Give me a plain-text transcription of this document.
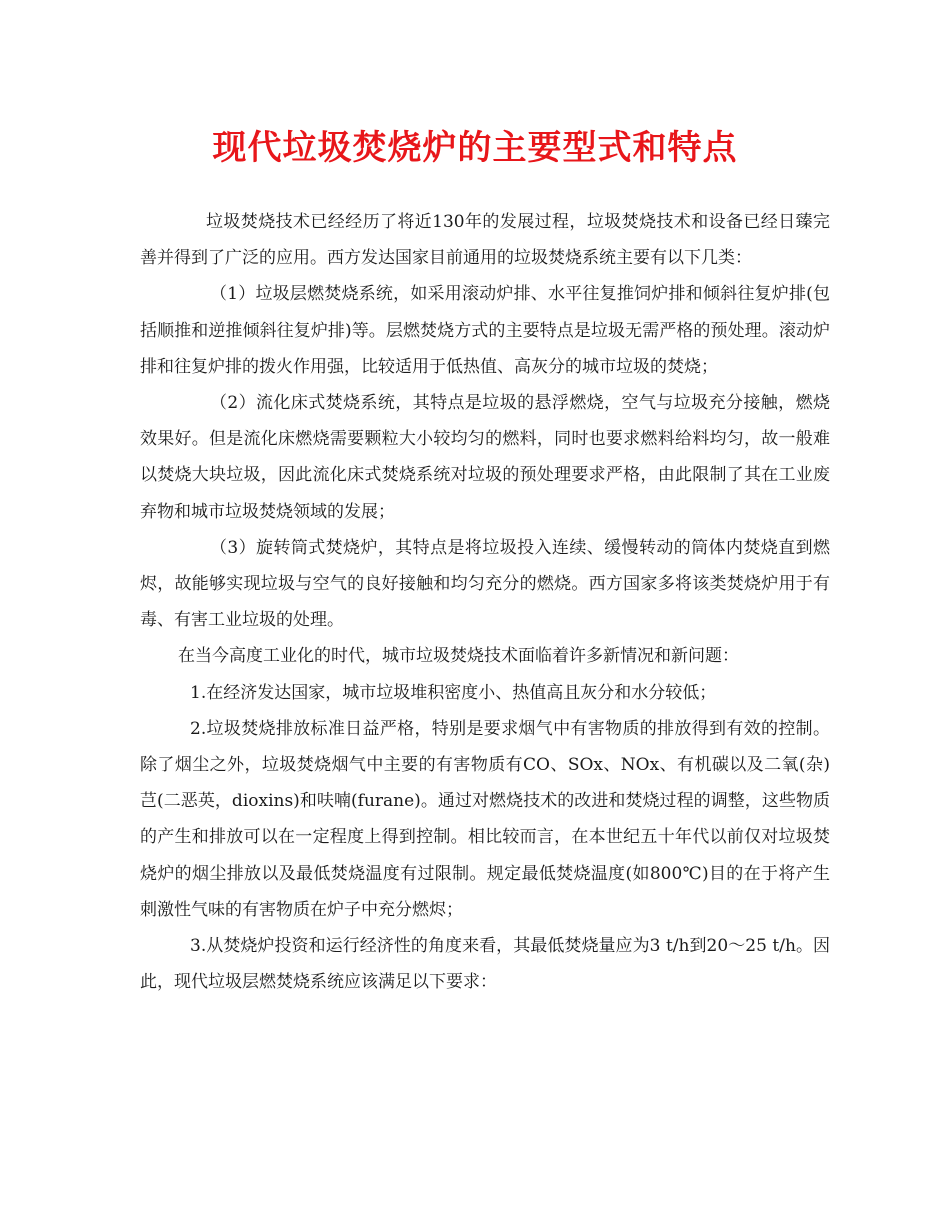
现代垃圾焚烧炉的主要型式和特点

垃圾焚烧技术已经经历了将近130年的发展过程，垃圾焚烧技术和设备已经日臻完善并得到了广泛的应用。西方发达国家目前通用的垃圾焚烧系统主要有以下几类：

（1）垃圾层燃焚烧系统，如采用滚动炉排、水平往复推饲炉排和倾斜往复炉排(包括顺推和逆推倾斜往复炉排)等。层燃焚烧方式的主要特点是垃圾无需严格的预处理。滚动炉排和往复炉排的拨火作用强，比较适用于低热值、高灰分的城市垃圾的焚烧；

（2）流化床式焚烧系统，其特点是垃圾的悬浮燃烧，空气与垃圾充分接触，燃烧效果好。但是流化床燃烧需要颗粒大小较均匀的燃料，同时也要求燃料给料均匀，故一般难以焚烧大块垃圾，因此流化床式焚烧系统对垃圾的预处理要求严格，由此限制了其在工业废弃物和城市垃圾焚烧领域的发展；

（3）旋转筒式焚烧炉，其特点是将垃圾投入连续、缓慢转动的筒体内焚烧直到燃烬，故能够实现垃圾与空气的良好接触和均匀充分的燃烧。西方国家多将该类焚烧炉用于有毒、有害工业垃圾的处理。

在当今高度工业化的时代，城市垃圾焚烧技术面临着许多新情况和新问题：

1.在经济发达国家，城市垃圾堆积密度小、热值高且灰分和水分较低；

2.垃圾焚烧排放标准日益严格，特别是要求烟气中有害物质的排放得到有效的控制。除了烟尘之外，垃圾焚烧烟气中主要的有害物质有CO、SOx、NOx、有机碳以及二氧(杂)芑(二恶英，dioxins)和呋喃(furane)。通过对燃烧技术的改进和焚烧过程的调整，这些物质的产生和排放可以在一定程度上得到控制。相比较而言，在本世纪五十年代以前仅对垃圾焚烧炉的烟尘排放以及最低焚烧温度有过限制。规定最低焚烧温度(如800℃)目的在于将产生刺激性气味的有害物质在炉子中充分燃烬；

3.从焚烧炉投资和运行经济性的角度来看，其最低焚烧量应为3 t/h到20～25 t/h。因此，现代垃圾层燃焚烧系统应该满足以下要求：
